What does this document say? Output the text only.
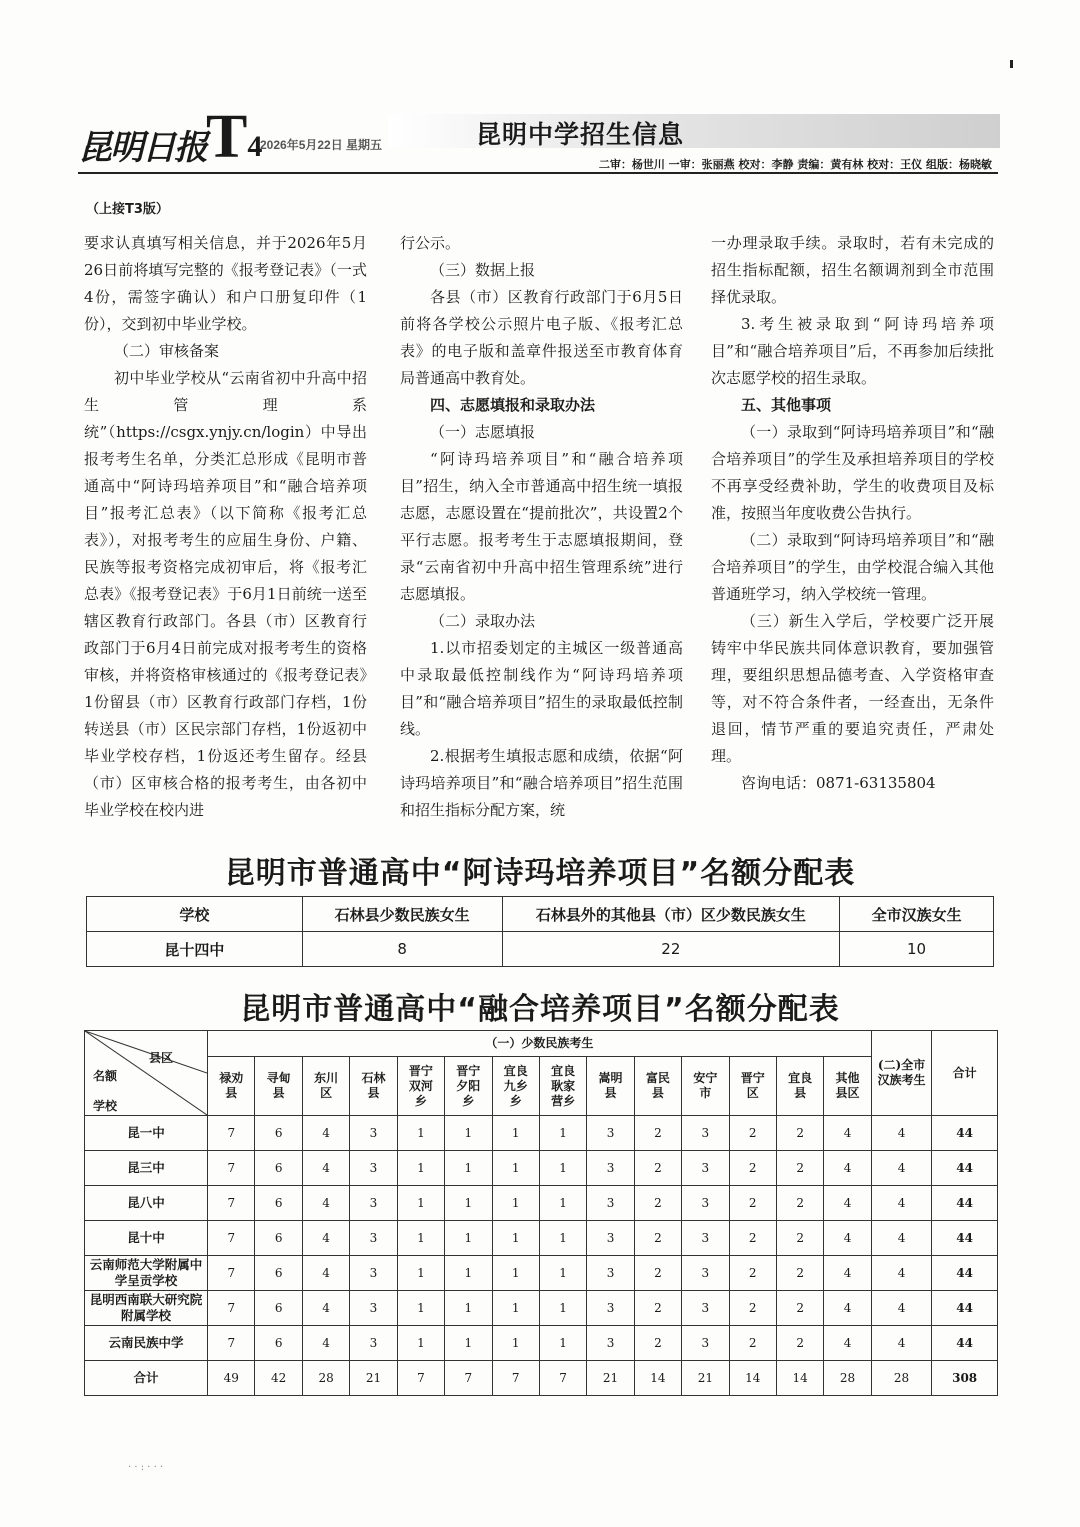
昆明日报 $T^4$
2026年5月22日 星期五	昆明中学招生信息
二审：杨世川 一审：张丽燕 校对：李静 责编：黄有林 校对：王仪 组版：杨晓敏
（上接T3版）

要求认真填写相关信息，并于2026年5月26日前将填写完整的《报考登记表》（一式4份，需签字确认）和户口册复印件（1份），交到初中毕业学校。

（二）审核备案

初中毕业学校从“云南省初中升高中招生管理系统”（https://csgx.ynjy.cn/login）中导出报考考生名单，分类汇总形成《昆明市普通高中“阿诗玛培养项目”和“融合培养项目”报考汇总表》（以下简称《报考汇总表》），对报考考生的应届生身份、户籍、民族等报考资格完成初审后，将《报考汇总表》《报考登记表》于6月1日前统一送至辖区教育行政部门。各县（市）区教育行政部门于6月4日前完成对报考考生的资格审核，并将资格审核通过的《报考登记表》1份留县（市）区教育行政部门存档，1份转送县（市）区民宗部门存档，1份返初中毕业学校存档，1份返还考生留存。经县（市）区审核合格的报考考生，由各初中毕业学校在校内进

行公示。

（三）数据上报

各县（市）区教育行政部门于6月5日前将各学校公示照片电子版、《报考汇总表》的电子版和盖章件报送至市教育体育局普通高中教育处。

四、志愿填报和录取办法

（一）志愿填报

“阿诗玛培养项目”和“融合培养项目”招生，纳入全市普通高中招生统一填报志愿，志愿设置在“提前批次”，共设置2个平行志愿。报考考生于志愿填报期间，登录“云南省初中升高中招生管理系统”进行志愿填报。

（二）录取办法

1.以市招委划定的主城区一级普通高中录取最低控制线作为“阿诗玛培养项目”和“融合培养项目”招生的录取最低控制线。

2.根据考生填报志愿和成绩，依据“阿诗玛培养项目”和“融合培养项目”招生范围和招生指标分配方案，统

一办理录取手续。录取时，若有未完成的招生指标配额，招生名额调剂到全市范围择优录取。

3.考生被录取到“阿诗玛培养项目”和“融合培养项目”后，不再参加后续批次志愿学校的招生录取。

五、其他事项

（一）录取到“阿诗玛培养项目”和“融合培养项目”的学生及承担培养项目的学校不再享受经费补助，学生的收费项目及标准，按照当年度收费公告执行。

（二）录取到“阿诗玛培养项目”和“融合培养项目”的学生，由学校混合编入其他普通班学习，纳入学校统一管理。

（三）新生入学后，学校要广泛开展铸牢中华民族共同体意识教育，要加强管理，要组织思想品德考查、入学资格审查等，对不符合条件者，一经查出，无条件退回，情节严重的要追究责任，严肃处理。

咨询电话：0871-63135804

昆明市普通高中“阿诗玛培养项目”名额分配表
学校	石林县少数民族女生	石林县外的其他县（市）区少数民族女生	全市汉族女生
昆十四中	8	22	10
昆明市普通高中“融合培养项目”名额分配表
县区
名额
学校	（一）少数民族考生														(二)全市汉族考生	合计
	禄劝县	寻甸县	东川区	石林县	晋宁双河乡	晋宁夕阳乡	宜良九乡乡	宜良耿家营乡	嵩明县	富民县	安宁市	晋宁区	宜良县	其他县区		
昆一中	7	6	4	3	1	1	1	1	3	2	3	2	2	4	4	44
昆三中	7	6	4	3	1	1	1	1	3	2	3	2	2	4	4	44
昆八中	7	6	4	3	1	1	1	1	3	2	3	2	2	4	4	44
昆十中	7	6	4	3	1	1	1	1	3	2	3	2	2	4	4	44
云南师范大学附属中学呈贡学校	7	6	4	3	1	1	1	1	3	2	3	2	2	4	4	44
昆明西南联大研究院附属学校	7	6	4	3	1	1	1	1	3	2	3	2	2	4	4	44
云南民族中学	7	6	4	3	1	1	1	1	3	2	3	2	2	4	4	44
合计	49	42	28	21	7	7	7	7	21	14	21	14	14	28	28	308
· · : · · ·
